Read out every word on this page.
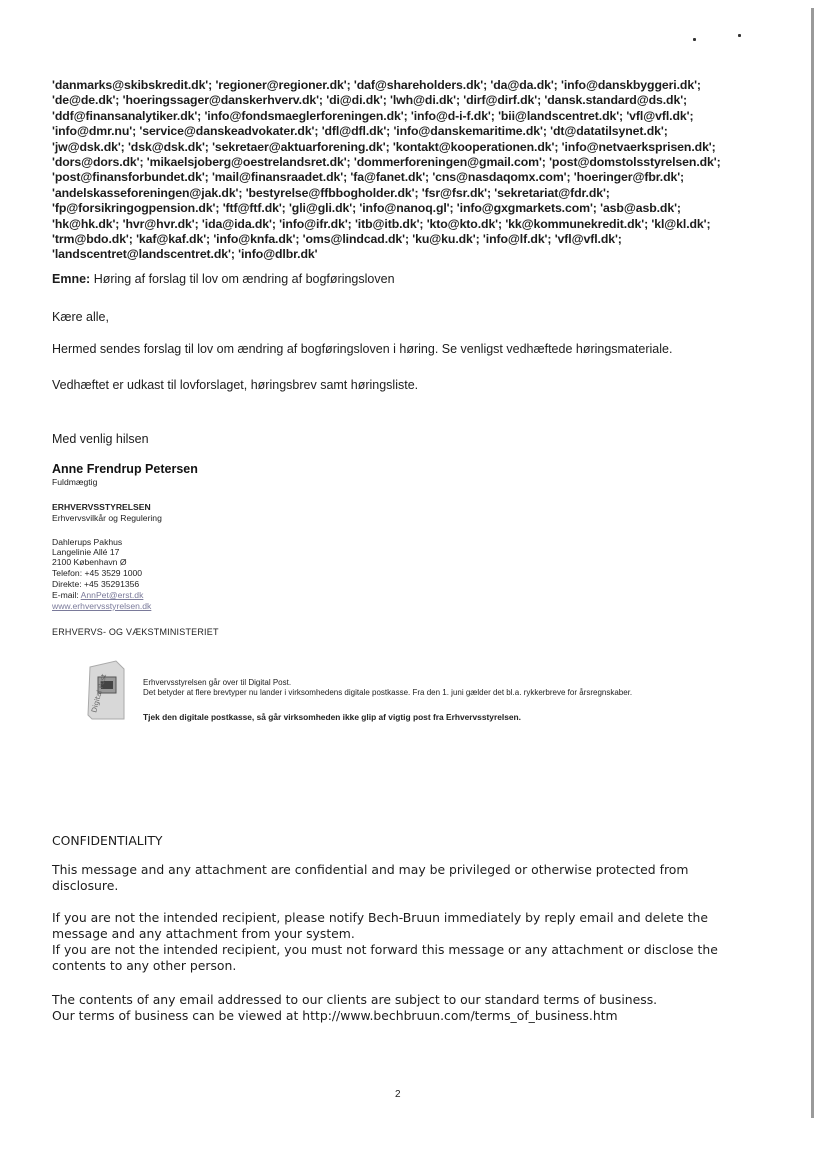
'danmarks@skibskredit.dk'; 'regioner@regioner.dk'; 'daf@shareholders.dk'; 'da@da.dk'; 'info@danskbyggeri.dk';
'de@de.dk'; 'hoeringssager@danskerhverv.dk'; 'di@di.dk'; 'lwh@di.dk'; 'dirf@dirf.dk'; 'dansk.standard@ds.dk';
'ddf@finansanalytiker.dk'; 'info@fondsmaeglerforeningen.dk'; 'info@d-i-f.dk'; 'bii@landscentret.dk'; 'vfl@vfl.dk';
'info@dmr.nu'; 'service@danskeadvokater.dk'; 'dfl@dfl.dk'; 'info@danskemaritime.dk'; 'dt@datatilsynet.dk';
'jw@dsk.dk'; 'dsk@dsk.dk'; 'sekretaer@aktuarforening.dk'; 'kontakt@kooperationen.dk'; 'info@netvaerksprisen.dk';
'dors@dors.dk'; 'mikaelsjoberg@oestrelandsret.dk'; 'dommerforeningen@gmail.com'; 'post@domstolsstyrelsen.dk';
'post@finansforbundet.dk'; 'mail@finansraadet.dk'; 'fa@fanet.dk'; 'cns@nasdaqomx.com'; 'hoeringer@fbr.dk';
'andelskasseforeningen@jak.dk'; 'bestyrelse@ffbbogholder.dk'; 'fsr@fsr.dk'; 'sekretariat@fdr.dk';
'fp@forsikringogpension.dk'; 'ftf@ftf.dk'; 'gli@gli.dk'; 'info@nanoq.gl'; 'info@gxgmarkets.com'; 'asb@asb.dk';
'hk@hk.dk'; 'hvr@hvr.dk'; 'ida@ida.dk'; 'info@ifr.dk'; 'itb@itb.dk'; 'kto@kto.dk'; 'kk@kommunekredit.dk'; 'kl@kl.dk';
'trm@bdo.dk'; 'kaf@kaf.dk'; 'info@knfa.dk'; 'oms@lindcad.dk'; 'ku@ku.dk'; 'info@lf.dk'; 'vfl@vfl.dk';
'landscentret@landscentret.dk'; 'info@dlbr.dk'
Emne: Høring af forslag til lov om ændring af bogføringsloven
Kære alle,
Hermed sendes forslag til lov om ændring af bogføringsloven i høring. Se venligst vedhæftede høringsmateriale.
Vedhæftet er udkast til lovforslaget, høringsbrev samt høringsliste.
Med venlig hilsen
Anne Frendrup Petersen
Fuldmægtig
ERHVERVSSTYRELSEN
Erhvervsvilkår og Regulering
Dahlerups Pakhus
Langelinie Allé 17
2100 København Ø
Telefon: +45 3529 1000
Direkte: +45 35291356
E-mail: AnnPet@erst.dk
www.erhvervsstyrelsen.dk
ERHVERVS- OG VÆKSTMINISTERIET
Digital Post	Erhvervsstyrelsen går over til Digital Post.
Det betyder at flere brevtyper nu lander i virksomhedens digitale postkasse. Fra den 1. juni gælder det bl.a. rykkerbreve for årsregnskaber.
Tjek den digitale postkasse, så går virksomheden ikke glip af vigtig post fra Erhvervsstyrelsen.
CONFIDENTIALITY
This message and any attachment are confidential and may be privileged or otherwise protected from disclosure.
If you are not the intended recipient, please notify Bech-Bruun immediately by reply email and delete the message and any attachment from your system.
If you are not the intended recipient, you must not forward this message or any attachment or disclose the contents to any other person.
The contents of any email addressed to our clients are subject to our standard terms of business.
Our terms of business can be viewed at http://www.bechbruun.com/terms_of_business.htm
2
